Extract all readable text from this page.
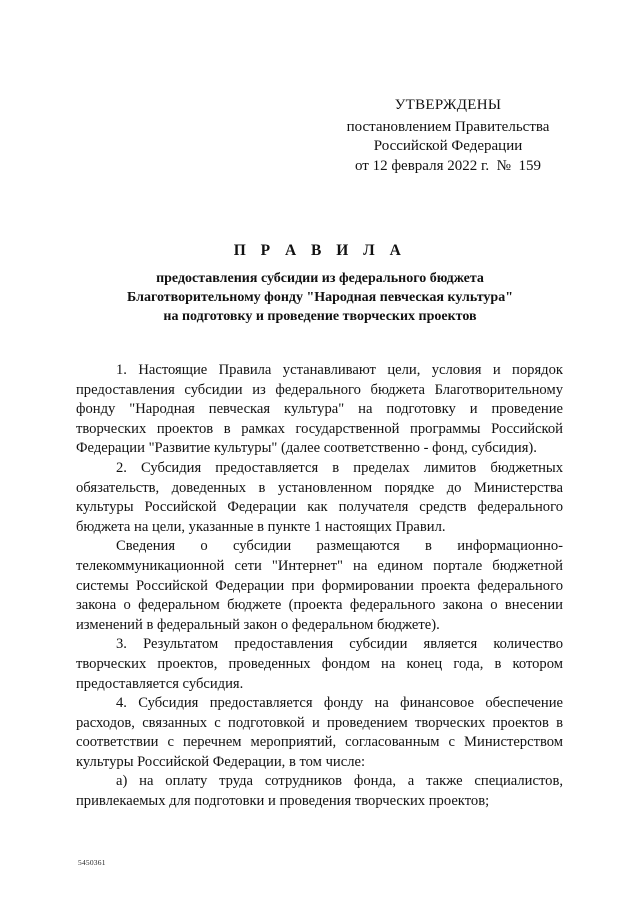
УТВЕРЖДЕНЫ
постановлением Правительства
Российской Федерации
от 12 февраля 2022 г.  №  159
П Р А В И Л А
предоставления субсидии из федерального бюджета
Благотворительному фонду "Народная певческая культура"
на подготовку и проведение творческих проектов

1. Настоящие Правила устанавливают цели, условия и порядок предоставления субсидии из федерального бюджета Благотворительному фонду "Народная певческая культура" на подготовку и проведение творческих проектов в рамках государственной программы Российской Федерации "Развитие культуры" (далее соответственно - фонд, субсидия).

2. Субсидия предоставляется в пределах лимитов бюджетных обязательств, доведенных в установленном порядке до Министерства культуры Российской Федерации как получателя средств федерального бюджета на цели, указанные в пункте 1 настоящих Правил.

Сведения о субсидии размещаются в информационно-телекоммуникационной сети "Интернет" на едином портале бюджетной системы Российской Федерации при формировании проекта федерального закона о федеральном бюджете (проекта федерального закона о внесении изменений в федеральный закон о федеральном бюджете).

3. Результатом предоставления субсидии является количество творческих проектов, проведенных фондом на конец года, в котором предоставляется субсидия.

4. Субсидия предоставляется фонду на финансовое обеспечение расходов, связанных с подготовкой и проведением творческих проектов в соответствии с перечнем мероприятий, согласованным с Министерством культуры Российской Федерации, в том числе:

а) на оплату труда сотрудников фонда, а также специалистов, привлекаемых для подготовки и проведения творческих проектов;

5450361
